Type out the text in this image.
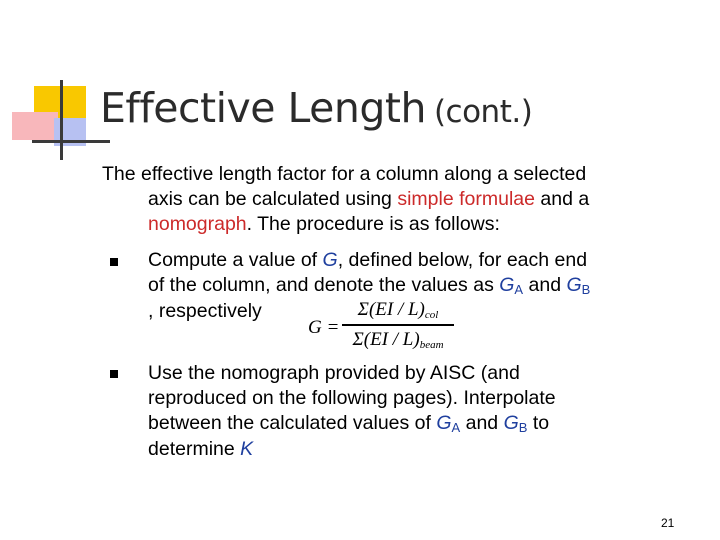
Effective Length (cont.)
The effective length factor for a column along a selected
axis can be calculated using simple formulae and a
nomograph. The procedure is as follows:
Compute a value of G, defined below, for each end
of the column, and denote the values as $G_A$ and $G_B$
, respectively
Use the nomograph provided by AISC (and
reproduced on the following pages). Interpolate
between the calculated values of $G_A$ and $G_B$ to
determine K
G =
$\Sigma(EI / L)_{col}$
$\Sigma(EI / L)_{beam}$
21
